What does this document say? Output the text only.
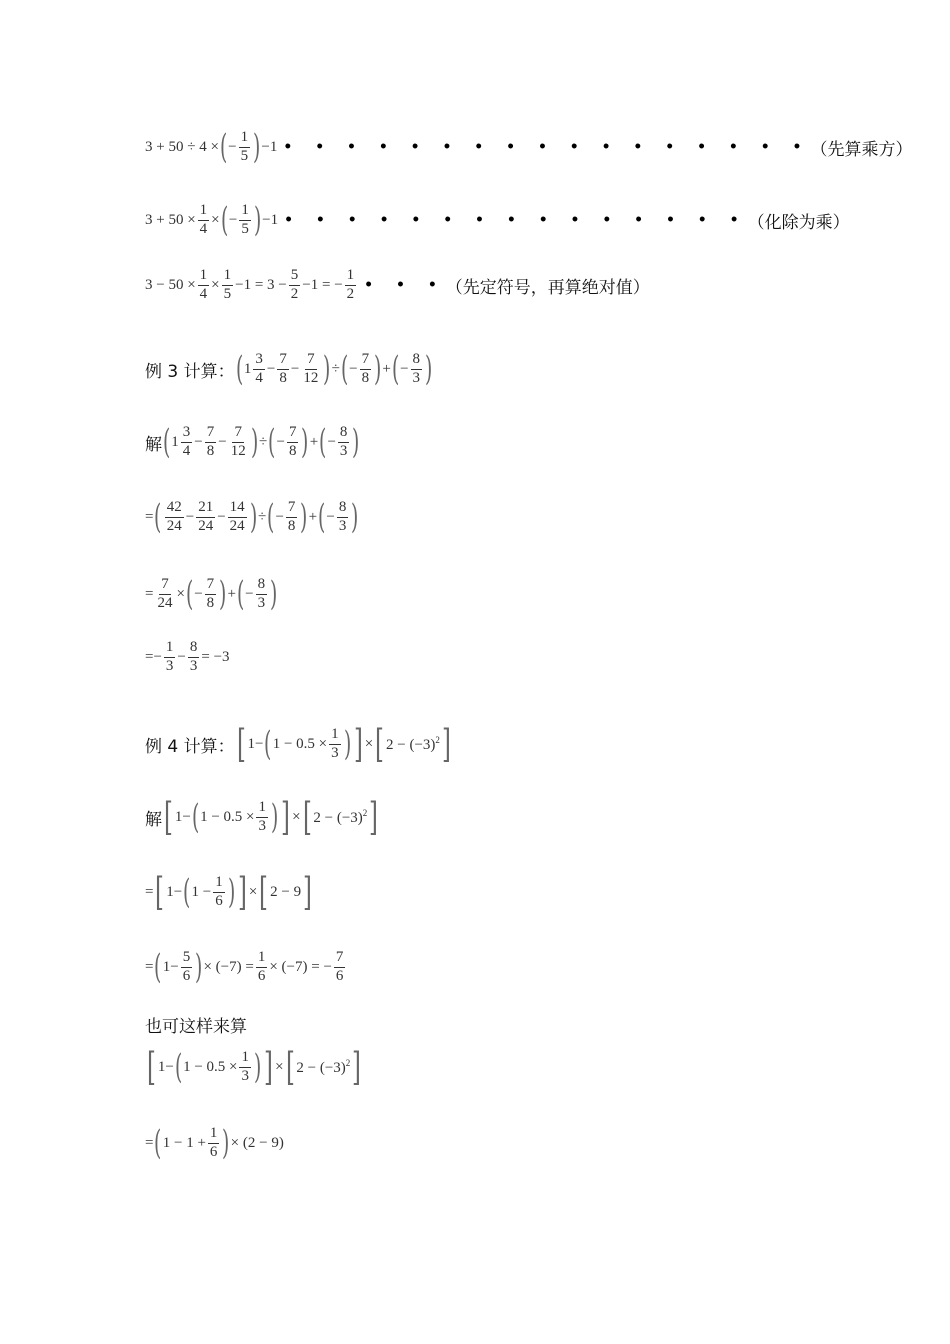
3 + 50 ÷ 4 × ( − $\frac{1}{5}$ ) −1 • • • • • • • • • • • • • • • • • （先算乘方）
$3 + 50 \times \frac{1}{4}$ × ( − $\frac{1}{5}$ ) −1 • • • • • • • • • • • • • • • （化除为乘）
$3 - 50 \times \frac{1}{4} \times \frac{1}{5} -1 = 3 - \frac{5}{2} -1$ = − $\frac{1}{2}$ • • • （先定符号，再算绝对值）
例 3 计算： ( $1 \frac{3}{4} - \frac{7}{8} - \frac{7}{12}$ ) ÷ ( − $\frac{7}{8}$ ) + ( − $\frac{8}{3}$ )
解 ( $1 \frac{3}{4} - \frac{7}{8} - \frac{7}{12}$ ) ÷ ( − $\frac{7}{8}$ ) + ( − $\frac{8}{3}$ )
= ( $\frac{42}{24} - \frac{21}{24} - \frac{14}{24}$ ) ÷ ( − $\frac{7}{8}$ ) + ( − $\frac{8}{3}$ )
= $\frac{7}{24}$ × ( − $\frac{7}{8}$ ) + ( − $\frac{8}{3}$ )
=− $\frac{1}{3} - \frac{8}{3} = -3$
例 4 计算： [ 1− ( $1 - 0.5 \times \frac{1}{3}$ ) ] × [ $2 - (-3)^2$ ]
解 [ 1− ( $1 - 0.5 \times \frac{1}{3}$ ) ] × [ $2 - (-3)^2$ ]
= [ 1− ( $1 - \frac{1}{6}$ ) ] × [ 2 − 9 ]
= ( $1- \frac{5}{6}$ ) × $(-7) = \frac{1}{6} \times (-7)$ = − $\frac{7}{6}$
也可这样来算
[ 1− ( $1 - 0.5 \times \frac{1}{3}$ ) ] × [ $2 - (-3)^2$ ]
= ( $1 - 1 + \frac{1}{6}$ ) × (2 − 9)
